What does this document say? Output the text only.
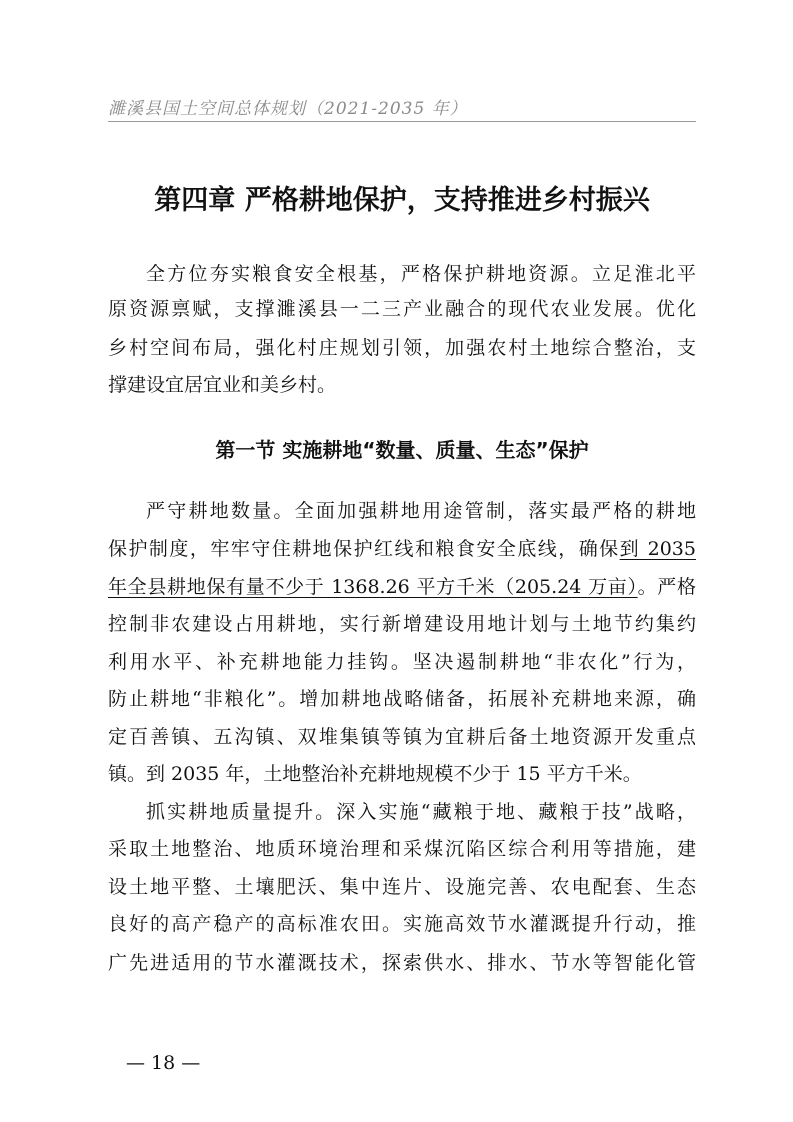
濉溪县国土空间总体规划（2021-2035 年）
第四章 严格耕地保护，支持推进乡村振兴
全方位夯实粮食安全根基，严格保护耕地资源。立足淮北平
原资源禀赋，支撑濉溪县一二三产业融合的现代农业发展。优化
乡村空间布局，强化村庄规划引领，加强农村土地综合整治，支
撑建设宜居宜业和美乡村。
第一节 实施耕地“数量、质量、生态”保护
严守耕地数量。全面加强耕地用途管制，落实最严格的耕地
保护制度，牢牢守住耕地保护红线和粮食安全底线，确保到 2035
年全县耕地保有量不少于 1368.26 平方千米（205.24 万亩）。严格
控制非农建设占用耕地，实行新增建设用地计划与土地节约集约
利用水平、补充耕地能力挂钩。坚决遏制耕地“非农化”行为，
防止耕地“非粮化”。增加耕地战略储备，拓展补充耕地来源，确
定百善镇、五沟镇、双堆集镇等镇为宜耕后备土地资源开发重点
镇。到 2035 年，土地整治补充耕地规模不少于 15 平方千米。
抓实耕地质量提升。深入实施“藏粮于地、藏粮于技”战略，
采取土地整治、地质环境治理和采煤沉陷区综合利用等措施，建
设土地平整、土壤肥沃、集中连片、设施完善、农电配套、生态
良好的高产稳产的高标准农田。实施高效节水灌溉提升行动，推
广先进适用的节水灌溉技术，探索供水、排水、节水等智能化管
— 18 —
